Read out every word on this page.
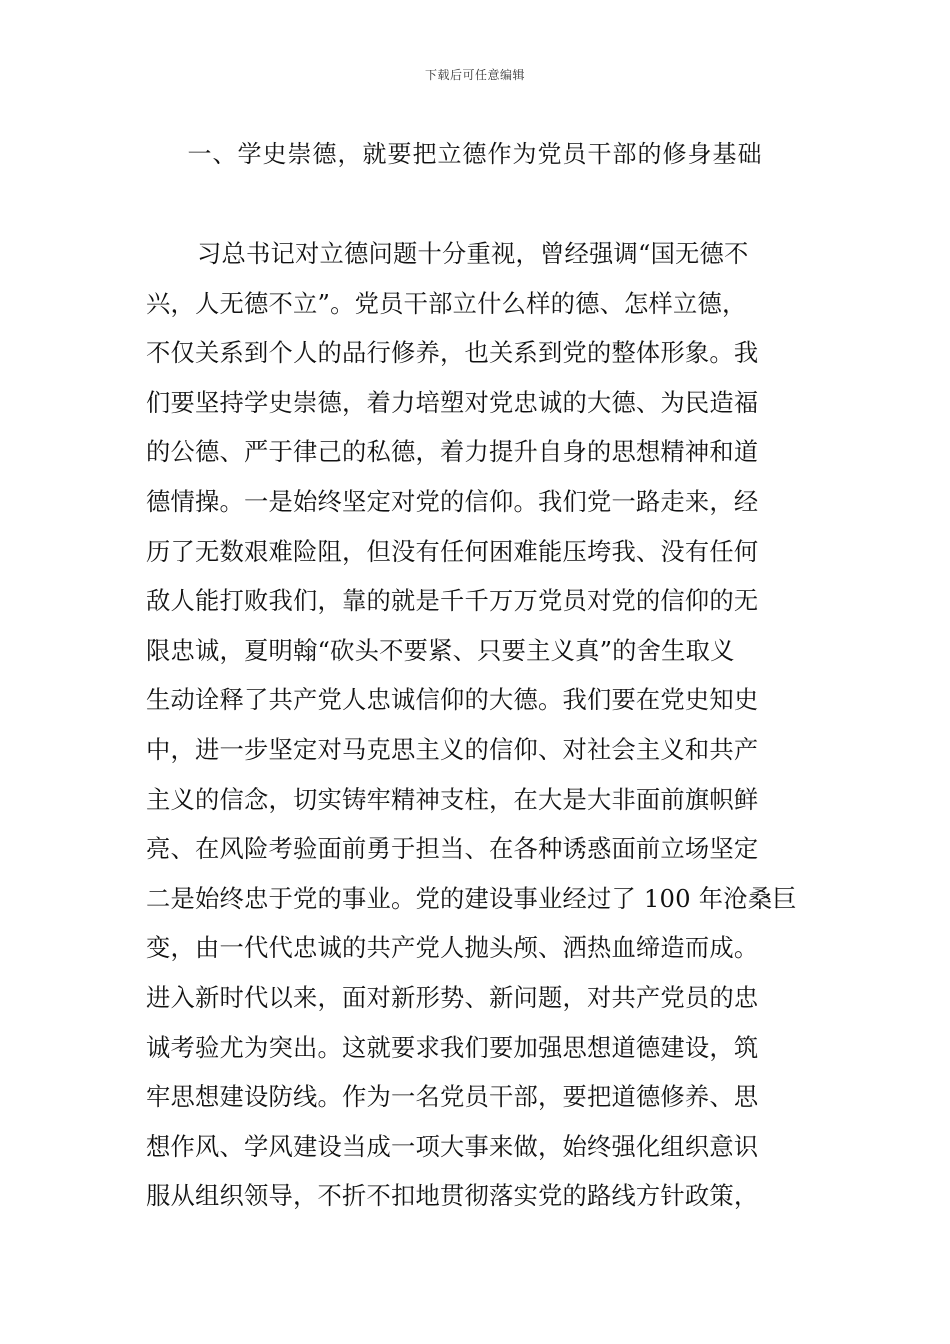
下载后可任意编辑
一、学史崇德，就要把立德作为党员干部的修身基础
习总书记对立德问题十分重视，曾经强调“国无德不
兴，人无德不立”。党员干部立什么样的德、怎样立德，
不仅关系到个人的品行修养，也关系到党的整体形象。我
们要坚持学史崇德，着力培塑对党忠诚的大德、为民造福
的公德、严于律己的私德，着力提升自身的思想精神和道
德情操。一是始终坚定对党的信仰。我们党一路走来，经
历了无数艰难险阻，但没有任何困难能压垮我、没有任何
敌人能打败我们，靠的就是千千万万党员对党的信仰的无
限忠诚，夏明翰“砍头不要紧、只要主义真”的舍生取义
生动诠释了共产党人忠诚信仰的大德。我们要在党史知史
中，进一步坚定对马克思主义的信仰、对社会主义和共产
主义的信念，切实铸牢精神支柱，在大是大非面前旗帜鲜
亮、在风险考验面前勇于担当、在各种诱惑面前立场坚定
二是始终忠于党的事业。党的建设事业经过了 100 年沧桑巨
变，由一代代忠诚的共产党人抛头颅、洒热血缔造而成。
进入新时代以来，面对新形势、新问题，对共产党员的忠
诚考验尤为突出。这就要求我们要加强思想道德建设，筑
牢思想建设防线。作为一名党员干部，要把道德修养、思
想作风、学风建设当成一项大事来做，始终强化组织意识
服从组织领导，不折不扣地贯彻落实党的路线方针政策，
